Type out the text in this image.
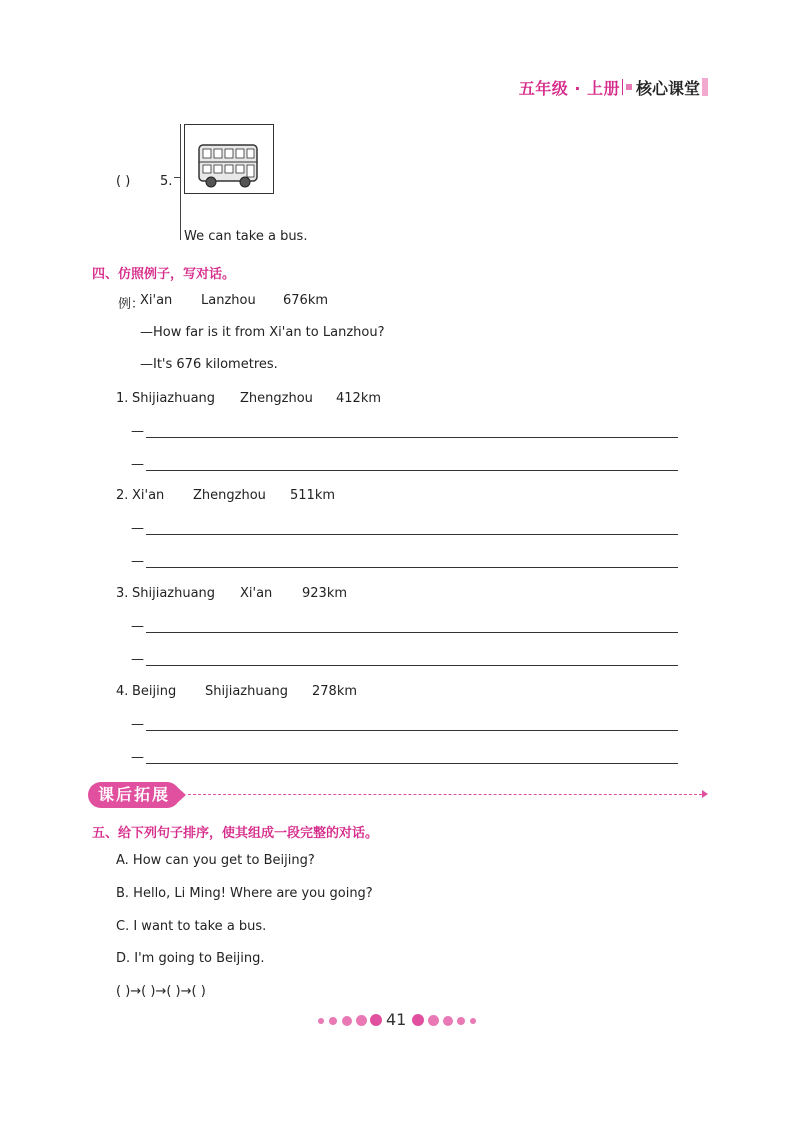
五年级 · 上册 核心课堂
( ) 5.
We can take a bus.
四、仿照例子，写对话。
例：
Xi'an Lanzhou 676km
—How far is it from Xi'an to Lanzhou?
—It's 676 kilometres.
1. Shijiazhuang Zhengzhou 412km
—
—
2. Xi'an Zhengzhou 511km
—
—
3. Shijiazhuang Xi'an 923km
—
—
4. Beijing Shijiazhuang 278km
—
—
课后拓展
五、给下列句子排序，使其组成一段完整的对话。
A. How can you get to Beijing?
B. Hello, Li Ming! Where are you going?
C. I want to take a bus.
D. I'm going to Beijing.
( )→( )→( )→( )
41
